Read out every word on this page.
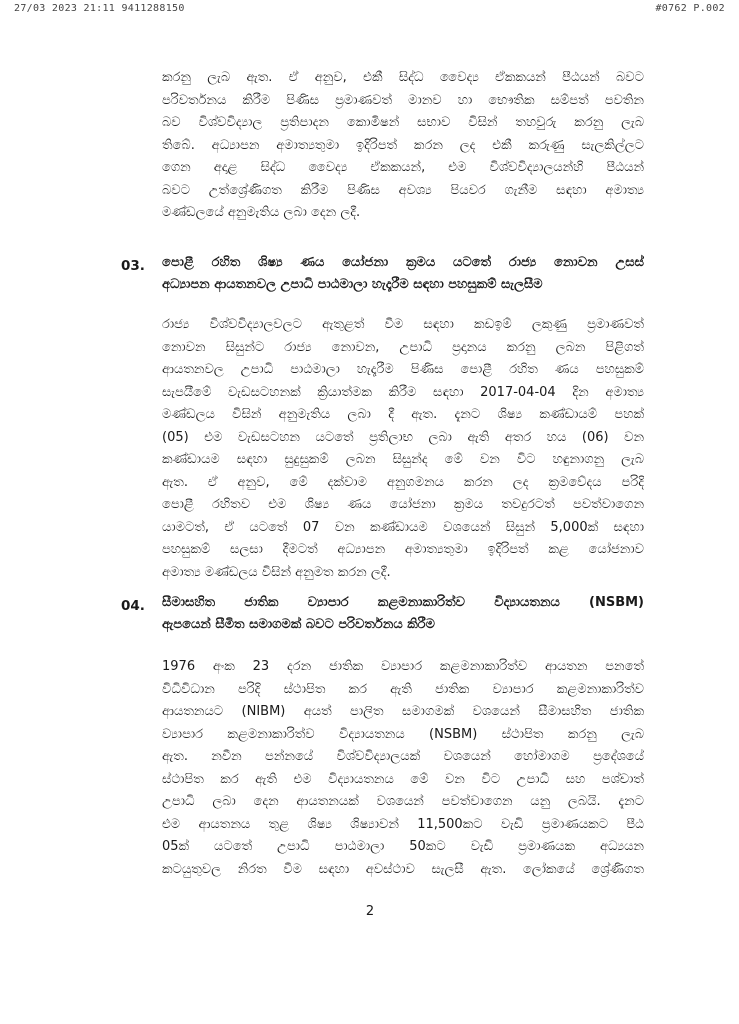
27/03 2023 21:11 9411288150	#0762 P.002
කරනු ලැබ ඇත. ඒ අනුව, එකී සිද්ධ වෛද්‍ය ඒකකයන් පීඨයන් බවට
පරිවර්තනය කිරීම පිණිස ප්‍රමාණවත් මානව හා භෞතික සම්පත් පවතින
බව විශ්වවිද්‍යාල ප්‍රතිපාදන කොමිෂන් සභාව විසින් තහවුරු කරනු ලැබ
තිබේ. අධ්‍යාපන අමාත්‍යතුමා ඉදිරිපත් කරන ලද එකී කරුණු සැලකිල්ලට
ගෙන අදාළ සිද්ධ වෛද්‍ය ඒකකයන්, එම විශ්වවිද්‍යාලයන්හි පීඨයන්
බවට උත්ශ්‍රේණිගත කිරීම පිණිස අවශ්‍ය පියවර ගැනීම සඳහා අමාත්‍ය
මණ්ඩලයේ අනුමැතිය ලබා දෙන ලදී.
03. පොළී රහිත ශිෂ්‍ය ණය යෝජනා ක්‍රමය යටතේ රාජ්‍ය නොවන උසස්
අධ්‍යාපන ආයතනවල උපාධි පාඨමාලා හැදෑරීම සඳහා පහසුකම් සැලසීම
රාජ්‍ය විශ්වවිද්‍යාලවලට ඇතුළත් වීම සඳහා කඩඉම් ලකුණු ප්‍රමාණවත්
නොවන සිසුන්ට රාජ්‍ය නොවන, උපාධි ප්‍රදානය කරනු ලබන පිළිගත්
ආයතනවල උපාධි පාඨමාලා හැදෑරීම පිණිස පොළී රහිත ණය පහසුකම්
සැපයීමේ වැඩසටහනක් ක්‍රියාත්මක කිරීම සඳහා 2017-04-04 දින අමාත්‍ය
මණ්ඩලය විසින් අනුමැතිය ලබා දී ඇත. දැනට ශිෂ්‍ය කණ්ඩායම් පහක්
(05) එම වැඩසටහන යටතේ ප්‍රතිලාභ ලබා ඇති අතර හය (06) වන
කණ්ඩායම සඳහා සුදුසුකම් ලබන සිසුන්ද මේ වන විට හඳුනාගනු ලැබ
ඇත. ඒ අනුව, මේ දක්වාම අනුගමනය කරන ලද ක්‍රමවේදය පරිදි
පොළී රහිතව එම ශිෂ්‍ය ණය යෝජනා ක්‍රමය තවදුරටත් පවත්වාගෙන
යාමටත්, ඒ යටතේ 07 වන කණ්ඩායම වශයෙන් සිසුන් 5,000ක් සඳහා
පහසුකම් සලසා දීමටත් අධ්‍යාපන අමාත්‍යතුමා ඉදිරිපත් කළ යෝජනාව
අමාත්‍ය මණ්ඩලය විසින් අනුමත කරන ලදී.
04. සීමාසහිත ජාතික ව්‍යාපාර කළමනාකාරිත්ව විද්‍යායතනය (NSBM)
ඇපයෙන් සීමිත සමාගමක් බවට පරිවර්තනය කිරීම
1976 අංක 23 දරන ජාතික ව්‍යාපාර කළමනාකාරිත්ව ආයතන පනතේ
විධිවිධාන පරිදි ස්ථාපිත කර ඇති ජාතික ව්‍යාපාර කළමනාකාරිත්ව
ආයතනයට (NIBM) අයත් පාලිත සමාගමක් වශයෙන් සීමාසහිත ජාතික
ව්‍යාපාර කළමනාකාරිත්ව විද්‍යායතනය (NSBM) ස්ථාපිත කරනු ලැබ
ඇත. නවීන පන්නයේ විශ්වවිද්‍යාලයක් වශයෙන් හෝමාගම ප්‍රදේශයේ
ස්ථාපිත කර ඇති එම විද්‍යායතනය මේ වන විට උපාධි සහ පශ්චාත්
උපාධි ලබා දෙන ආයතනයක් වශයෙන් පවත්වාගෙන යනු ලබයි. දැනට
එම ආයතනය තුළ ශිෂ්‍ය ශිෂ්‍යාවන් 11,500කට වැඩි ප්‍රමාණයකට පීඨ
05ක් යටතේ උපාධි පාඨමාලා 50කට වැඩි ප්‍රමාණයක අධ්‍යයන
කටයුතුවල නිරත වීම සඳහා අවස්ථාව සැලසී ඇත. ලෝකයේ ශ්‍රේණිගත
2
